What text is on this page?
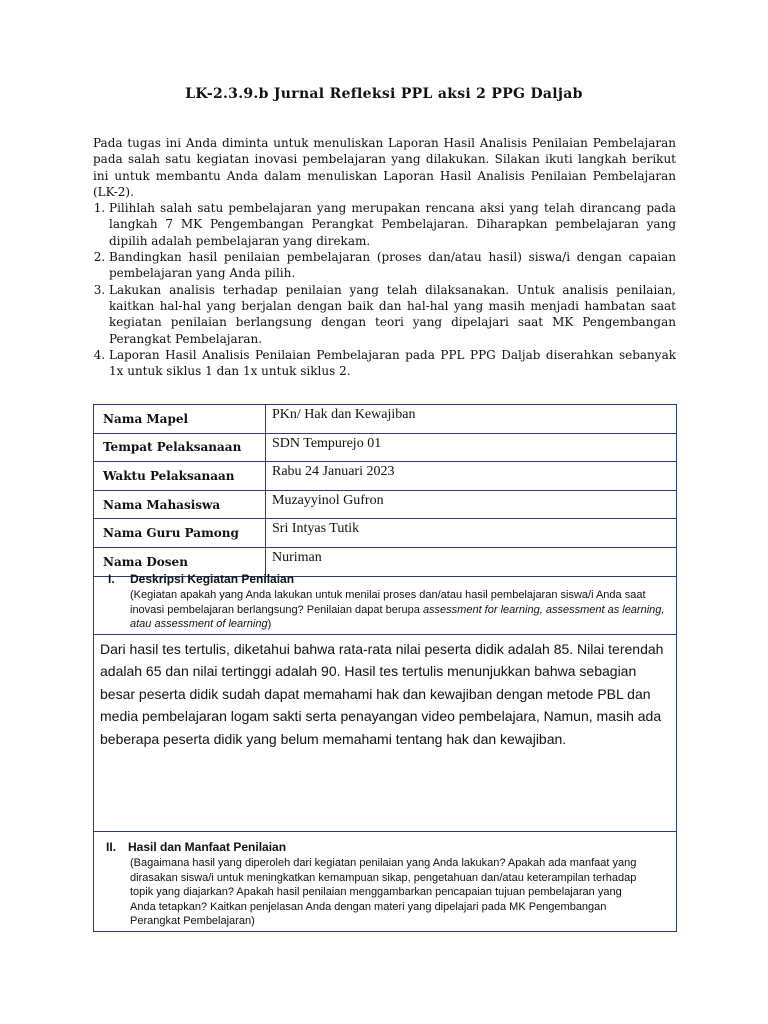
LK-2.3.9.b Jurnal Refleksi PPL aksi 2 PPG Daljab

Pada tugas ini Anda diminta untuk menuliskan Laporan Hasil Analisis Penilaian Pembelajaran pada salah satu kegiatan inovasi pembelajaran yang dilakukan. Silakan ikuti langkah berikut ini untuk membantu Anda dalam menuliskan Laporan Hasil Analisis Penilaian Pembelajaran (LK-2).

1. Pilihlah salah satu pembelajaran yang merupakan rencana aksi yang telah dirancang pada langkah 7 MK Pengembangan Perangkat Pembelajaran. Diharapkan pembelajaran yang dipilih adalah pembelajaran yang direkam.
2. Bandingkan hasil penilaian pembelajaran (proses dan/atau hasil) siswa/i dengan capaian pembelajaran yang Anda pilih.
3. Lakukan analisis terhadap penilaian yang telah dilaksanakan. Untuk analisis penilaian, kaitkan hal-hal yang berjalan dengan baik dan hal-hal yang masih menjadi hambatan saat kegiatan penilaian berlangsung dengan teori yang dipelajari saat MK Pengembangan Perangkat Pembelajaran.
4. Laporan Hasil Analisis Penilaian Pembelajaran pada PPL PPG Daljab diserahkan sebanyak 1x untuk siklus 1 dan 1x untuk siklus 2.
Nama Mapel	PKn/ Hak dan Kewajiban
Tempat Pelaksanaan	SDN Tempurejo 01
Waktu Pelaksanaan	Rabu 24 Januari 2023
Nama Mahasiswa	Muzayyinol Gufron
Nama Guru Pamong	Sri Intyas Tutik
Nama Dosen	Nuriman
I. Deskripsi Kegiatan Penilaian
(Kegiatan apakah yang Anda lakukan untuk menilai proses dan/atau hasil pembelajaran siswa/i Anda saat inovasi pembelajaran berlangsung? Penilaian dapat berupa assessment for learning, assessment as learning, atau assessment of learning)
Dari hasil tes tertulis, diketahui bahwa rata-rata nilai peserta didik adalah 85. Nilai terendah adalah 65 dan nilai tertinggi adalah 90. Hasil tes tertulis menunjukkan bahwa sebagian besar peserta didik sudah dapat memahami hak dan kewajiban dengan metode PBL dan media pembelajaran logam sakti serta penayangan video pembelajara, Namun, masih ada beberapa peserta didik yang belum memahami tentang hak dan kewajiban.
II. Hasil dan Manfaat Penilaian
(Bagaimana hasil yang diperoleh dari kegiatan penilaian yang Anda lakukan? Apakah ada manfaat yang dirasakan siswa/i untuk meningkatkan kemampuan sikap, pengetahuan dan/atau keterampilan terhadap topik yang diajarkan? Apakah hasil penilaian menggambarkan pencapaian tujuan pembelajaran yang Anda tetapkan? Kaitkan penjelasan Anda dengan materi yang dipelajari pada MK Pengembangan Perangkat Pembelajaran)
